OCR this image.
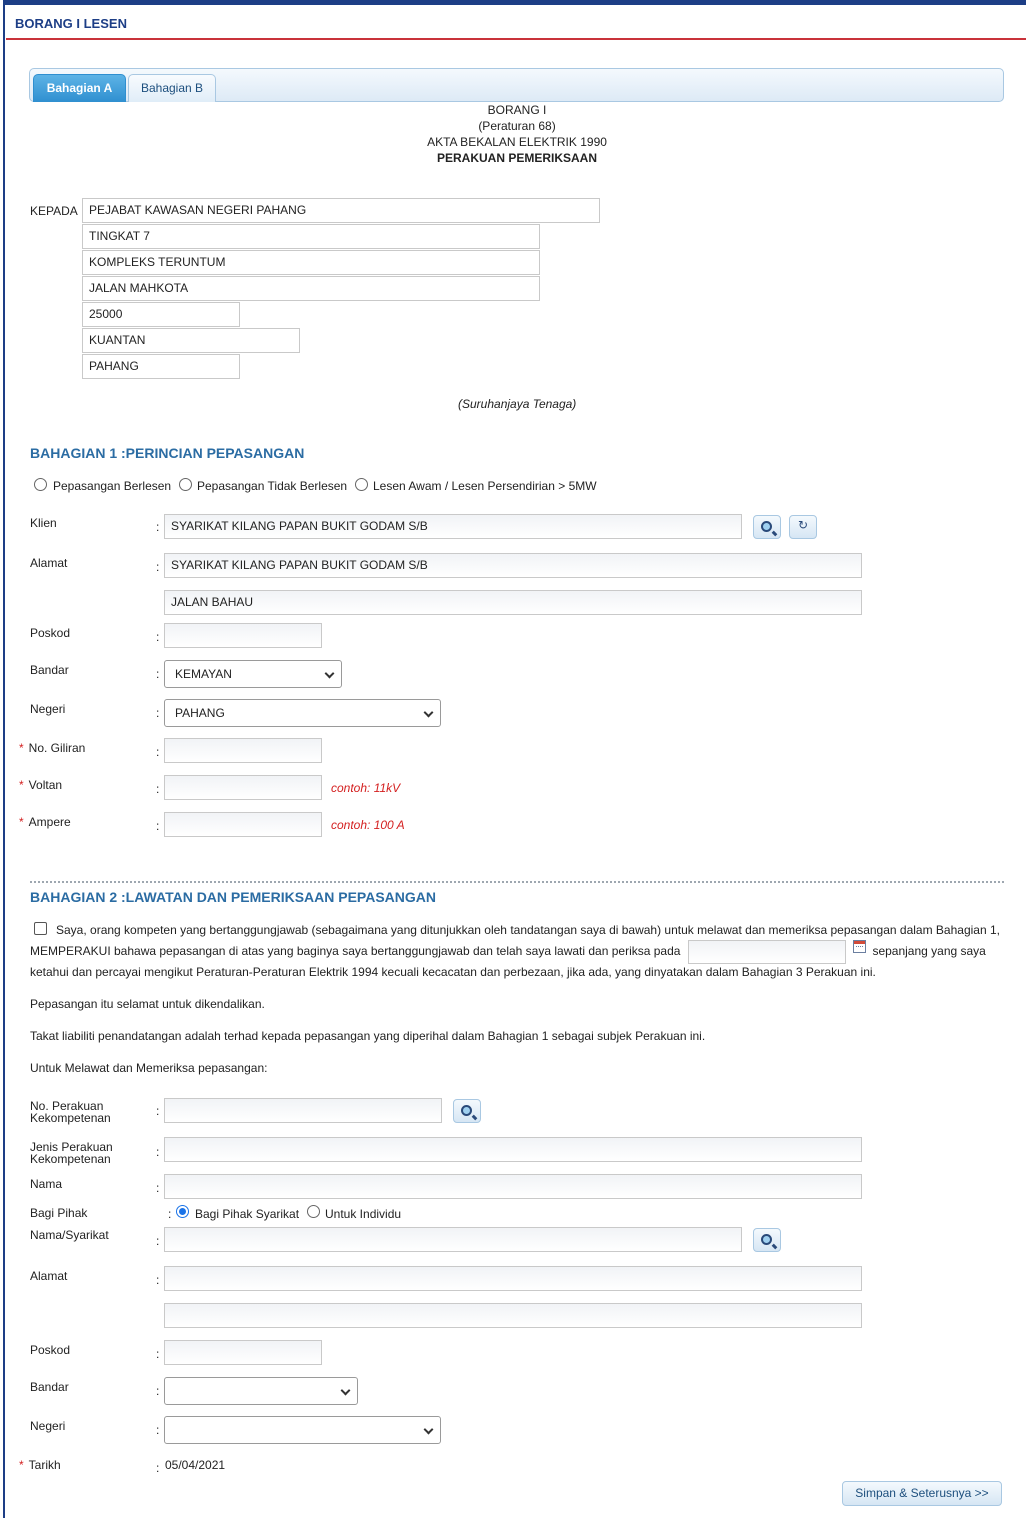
BORANG I LESEN
Bahagian A	Bahagian B
BORANG I
(Peraturan 68)
AKTA BEKALAN ELEKTRIK 1990
PERAKUAN PEMERIKSAAN
KEPADA PEJABAT KAWASAN NEGERI PAHANG
TINGKAT 7
KOMPLEKS TERUNTUM
JALAN MAHKOTA
25000
KUANTAN
PAHANG
(Suruhanjaya Tenaga)
BAHAGIAN 1 :PERINCIAN PEPASANGAN
Pepasangan Berlesen Pepasangan Tidak Berlesen Lesen Awam / Lesen Persendirian > 5MW
Klien	: SYARIKAT KILANG PAPAN BUKIT GODAM S/B	↻
Alamat	: SYARIKAT KILANG PAPAN BUKIT GODAM S/B
JALAN BAHAU
Poskod	:
Bandar	:	KEMAYAN
Negeri	:	PAHANG
* No. Giliran	:
* Voltan	:	contoh: 11kV
* Ampere	:	contoh: 100 A
BAHAGIAN 2 :LAWATAN DAN PEMERIKSAAN PEPASANGAN
Saya, orang kompeten yang bertanggungjawab (sebagaimana yang ditunjukkan oleh tandatangan saya di bawah) untuk melawat dan memeriksa pepasangan dalam Bahagian 1, MEMPERAKUI bahawa pepasangan di atas yang baginya saya bertanggungjawab dan telah saya lawati dan periksa pada	sepanjang yang saya ketahui dan percayai mengikut Peraturan-Peraturan Elektrik 1994 kecuali kecacatan dan perbezaan, jika ada, yang dinyatakan dalam Bahagian 3 Perakuan ini.
Pepasangan itu selamat untuk dikendalikan.
Takat liabiliti penandatangan adalah terhad kepada pepasangan yang diperihal dalam Bahagian 1 sebagai subjek Perakuan ini.
Untuk Melawat dan Memeriksa pepasangan:
No. Perakuan
Kekompetenan	:
Jenis Perakuan
Kekompetenan	:
Nama	:
Bagi Pihak	: Bagi Pihak Syarikat Untuk Individu
Nama/Syarikat	:
Alamat	:
Poskod	:
Bandar	:
Negeri	:
* Tarikh	: 05/04/2021
Simpan & Seterusnya >>
